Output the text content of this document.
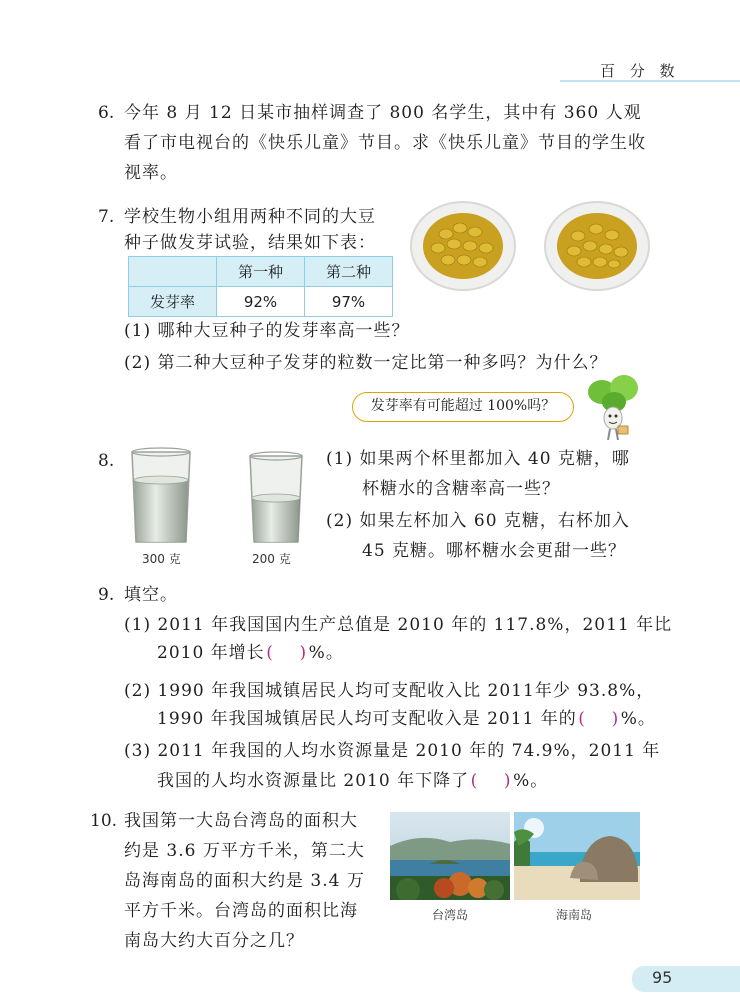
百 分 数
6. 今年 8 月 12 日某市抽样调查了 800 名学生，其中有 360 人观
看了市电视台的《快乐儿童》节目。求《快乐儿童》节目的学生收
视率。
7. 学校生物小组用两种不同的大豆
种子做发芽试验，结果如下表：
	第一种	第二种
发芽率	92%	97%
(1) 哪种大豆种子的发芽率高一些？
(2) 第二种大豆种子发芽的粒数一定比第一种多吗？为什么？
发芽率有可能超过 100%吗？
8.
300 克	200 克
(1) 如果两个杯里都加入 40 克糖，哪
杯糖水的含糖率高一些？
(2) 如果左杯加入 60 克糖，右杯加入
45 克糖。哪杯糖水会更甜一些？
9. 填空。
(1) 2011 年我国国内生产总值是 2010 年的 117.8%，2011 年比
2010 年增长( )%。
(2) 1990 年我国城镇居民人均可支配收入比 2011年少 93.8%，
1990 年我国城镇居民人均可支配收入是 2011 年的( )%。
(3) 2011 年我国的人均水资源量是 2010 年的 74.9%，2011 年
我国的人均水资源量比 2010 年下降了( )%。
10. 我国第一大岛台湾岛的面积大
约是 3.6 万平方千米，第二大
岛海南岛的面积大约是 3.4 万
平方千米。台湾岛的面积比海
南岛大约大百分之几？
台湾岛	海南岛
95
